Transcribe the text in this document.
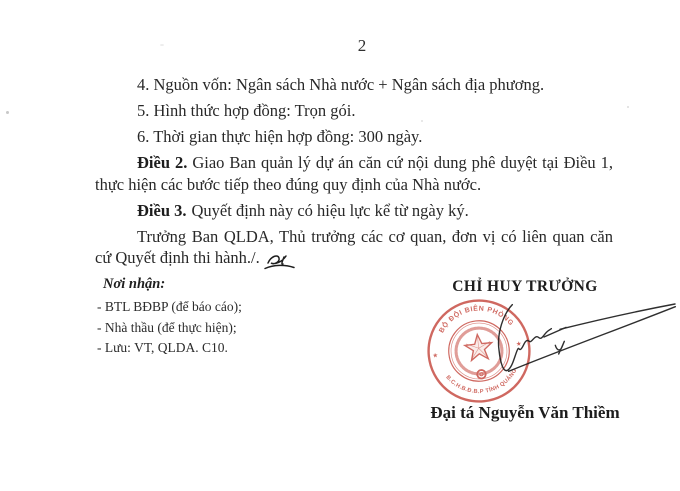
2

4. Nguồn vốn: Ngân sách Nhà nước + Ngân sách địa phương.

5. Hình thức hợp đồng: Trọn gói.

6. Thời gian thực hiện hợp đồng: 300 ngày.

Điều 2. Giao Ban quản lý dự án căn cứ nội dung phê duyệt tại Điều 1, thực hiện các bước tiếp theo đúng quy định của Nhà nước.

Điều 3. Quyết định này có hiệu lực kể từ ngày ký.

Trưởng Ban QLDA, Thủ trưởng các cơ quan, đơn vị có liên quan căn cứ Quyết định thi hành./.

Nơi nhận:
- BTL BĐBP (để báo cáo);
- Nhà thầu (để thực hiện);
- Lưu: VT, QLDA. C10.
CHỈ HUY TRƯỞNG
BỘ ĐỘI BIÊN PHÒNG
B.C.H.B.Đ.B.P TỈNH QUẢNG
★
★
Đại tá Nguyễn Văn Thiềm
